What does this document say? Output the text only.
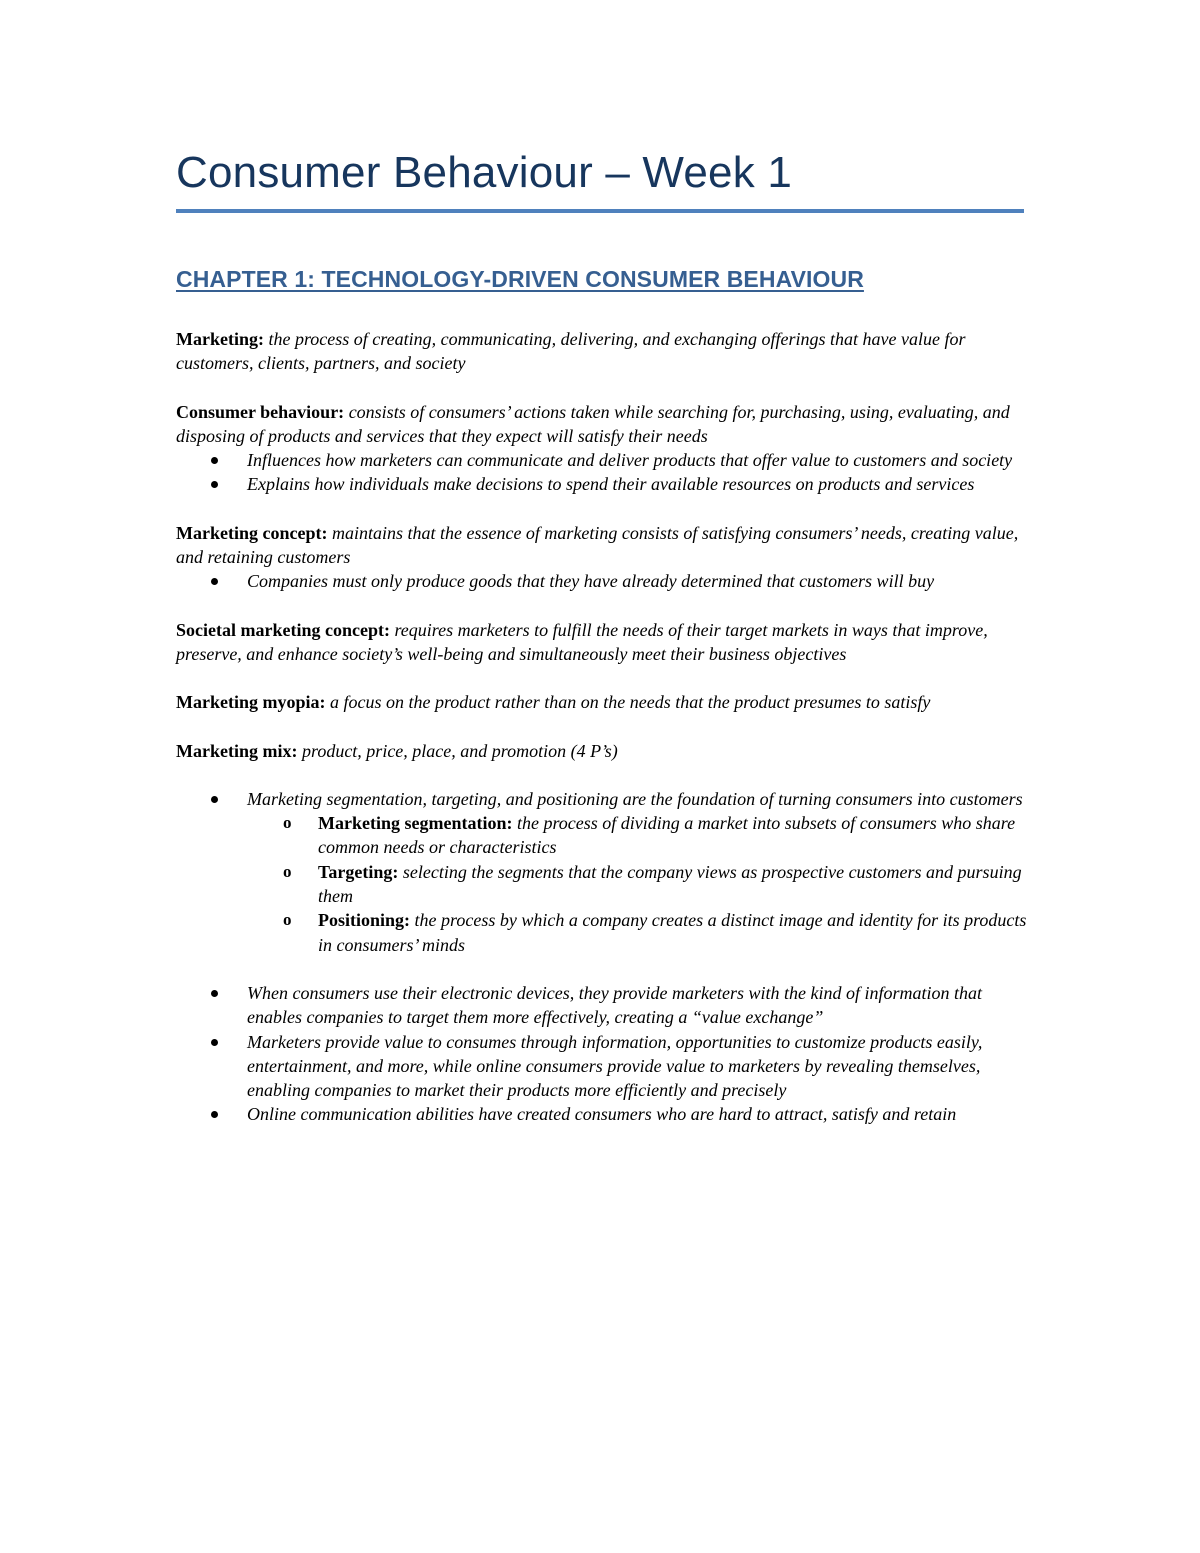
Consumer Behaviour – Week 1
CHAPTER 1: TECHNOLOGY-DRIVEN CONSUMER BEHAVIOUR

Marketing: the process of creating, communicating, delivering, and exchanging offerings that have value for customers, clients, partners, and society

Consumer behaviour: consists of consumers’ actions taken while searching for, purchasing, using, evaluating, and disposing of products and services that they expect will satisfy their needs

Influences how marketers can communicate and deliver products that offer value to customers and society
Explains how individuals make decisions to spend their available resources on products and services

Marketing concept: maintains that the essence of marketing consists of satisfying consumers’ needs, creating value, and retaining customers

Companies must only produce goods that they have already determined that customers will buy

Societal marketing concept: requires marketers to fulfill the needs of their target markets in ways that improve, preserve, and enhance society’s well-being and simultaneously meet their business objectives

Marketing myopia: a focus on the product rather than on the needs that the product presumes to satisfy

Marketing mix: product, price, place, and promotion (4 P’s)

Marketing segmentation, targeting, and positioning are the foundation of turning consumers into customers
o Marketing segmentation: the process of dividing a market into subsets of consumers who share common needs or characteristics
o Targeting: selecting the segments that the company views as prospective customers and pursuing them
o Positioning: the process by which a company creates a distinct image and identity for its products in consumers’ minds
When consumers use their electronic devices, they provide marketers with the kind of information that enables companies to target them more effectively, creating a “value exchange”
Marketers provide value to consumes through information, opportunities to customize products easily, entertainment, and more, while online consumers provide value to marketers by revealing themselves, enabling companies to market their products more efficiently and precisely
Online communication abilities have created consumers who are hard to attract, satisfy and retain
